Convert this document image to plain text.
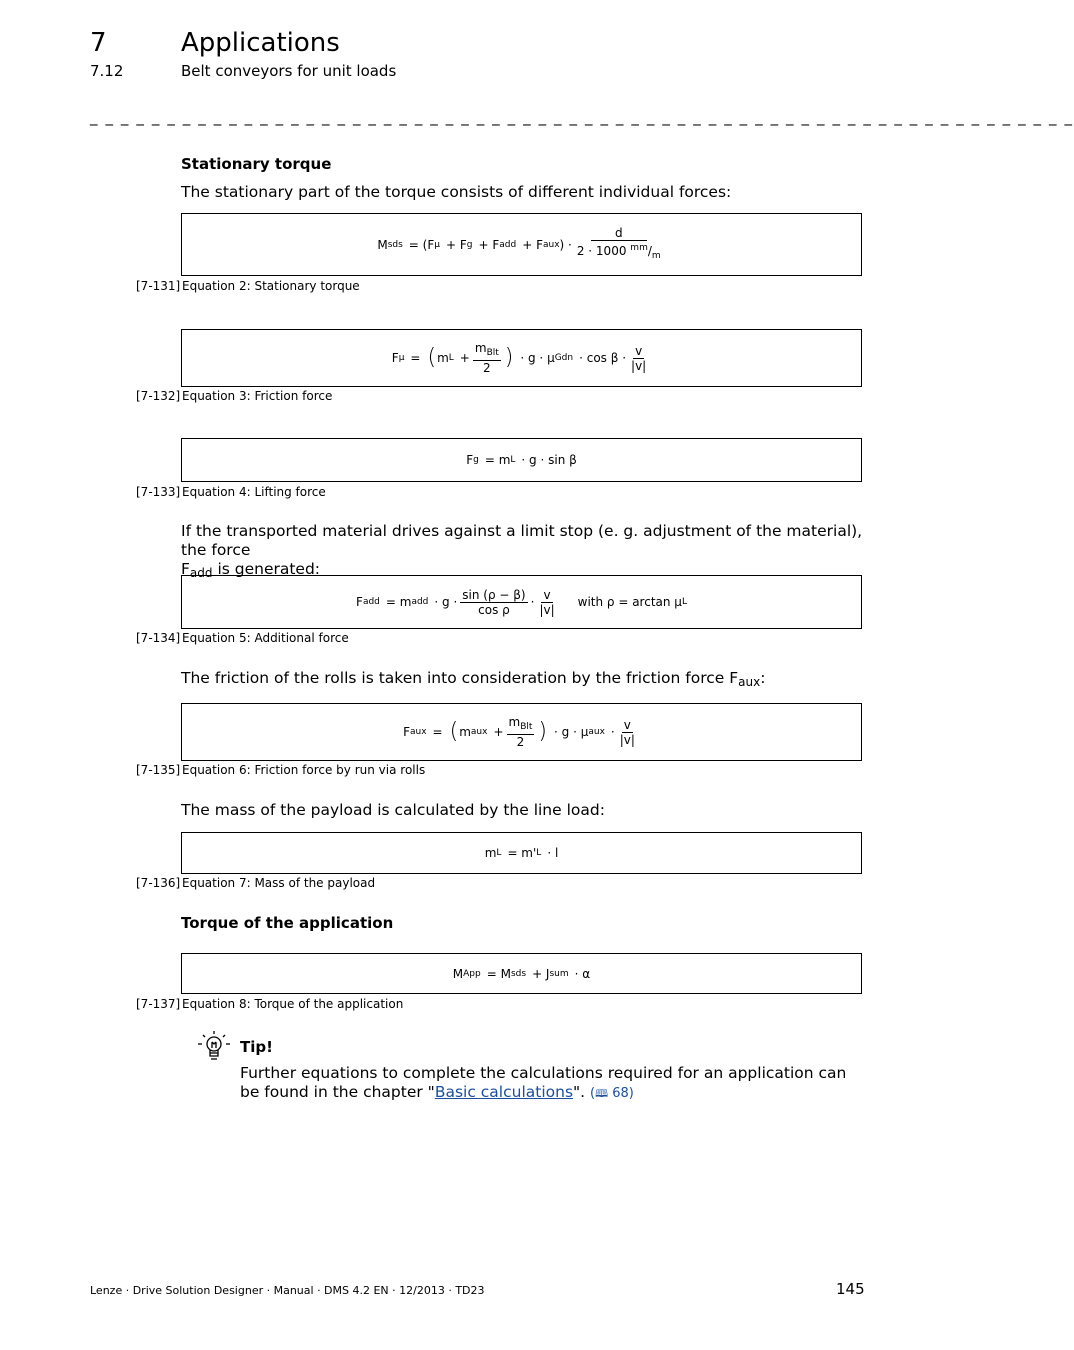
7	Applications
7.12	Belt conveyors for unit loads
_ _ _ _ _ _ _ _ _ _ _ _ _ _ _ _ _ _ _ _ _ _ _ _ _ _ _ _ _ _ _ _ _ _ _ _ _ _ _ _ _ _ _ _ _ _ _ _ _ _ _ _ _ _ _ _ _ _ _ _ _ _ _ _
Stationary torque

The stationary part of the torque consists of different individual forces:

M sds = (F μ + F g + F add + F aux ) · $\frac{d}{2 \cdot 1000 ^{mm}/_m}$
[7-131] Equation 2: Stationary torque
F μ = ( m $L + \frac{m_{Blt}}{2}$ ) · g · μ Gdn · $\cos \beta \cdot \frac{v}{|v|}$
[7-132] Equation 3: Friction force
F g = m L · g · sin β
[7-133] Equation 4: Lifting force

If the transported material drives against a limit stop (e. g. adjustment of the material), the force
$F_{add}$ is generated:

F add = m add · $g \cdot \frac{\sin (\rho - \beta)}{\text{cos ρ}} \cdot \frac{v}{|v|}$ with ρ = arctan μ L
[7-134] Equation 5: Additional force

The friction of the rolls is taken into consideration by the friction force $F_{aux}$:

F aux = ( m aux + $\frac{m_{Blt}}{2}$ ) · g · μ aux · $\frac{v}{|v|}$
[7-135] Equation 6: Friction force by run via rolls

The mass of the payload is calculated by the line load:

m L = m' L · l
[7-136] Equation 7: Mass of the payload
Torque of the application
M App = M sds + J sum · α
[7-137] Equation 8: Torque of the application
Tip!

Further equations to complete the calculations required for an application can be found in the chapter "Basic calculations". (🕮 68)

Lenze · Drive Solution Designer · Manual · DMS 4.2 EN · 12/2013 · TD23	145
